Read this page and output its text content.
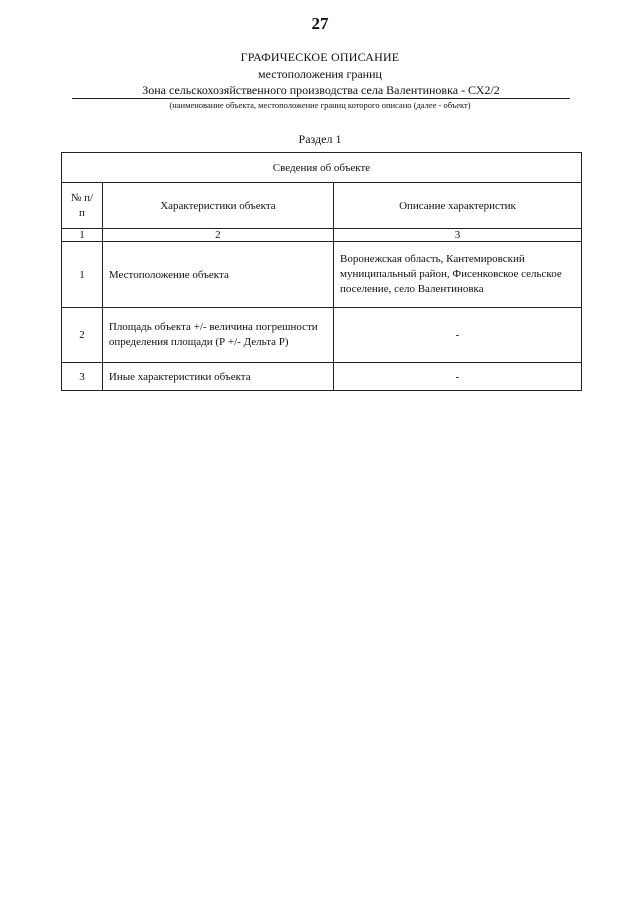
27
ГРАФИЧЕСКОЕ ОПИСАНИЕ
местоположения границ
Зона сельскохозяйственного производства села Валентиновка - СХ2/2
(наименование объекта, местоположение границ которого описано (далее - объект)
Раздел 1
Сведения об объекте		
№ п/п	Характеристики объекта	Описание характеристик
1	2	3
1	Местоположение объекта	Воронежская область, Кантемировский муниципальный район, Фисенковское сельское поселение, село Валентиновка
2	Площадь объекта +/- величина погрешности определения площади (Р +/- Дельта Р)	-
3	Иные характеристики объекта	-
